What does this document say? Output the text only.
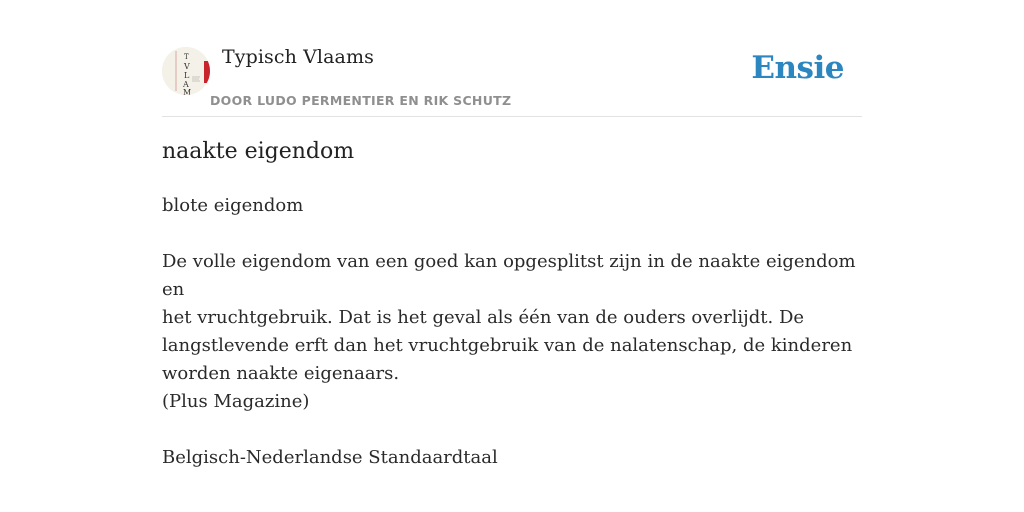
T
V
L
A
M
Typisch Vlaams
DOOR LUDO PERMENTIER EN RIK SCHUTZ
Ensie
naakte eigendom

blote eigendom

De volle eigendom van een goed kan opgesplitst zijn in de naakte eigendom en

het vruchtgebruik. Dat is het geval als één van de ouders overlijdt. De

langstlevende erft dan het vruchtgebruik van de nalatenschap, de kinderen

worden naakte eigenaars.

(Plus Magazine)

Belgisch-Nederlandse Standaardtaal
